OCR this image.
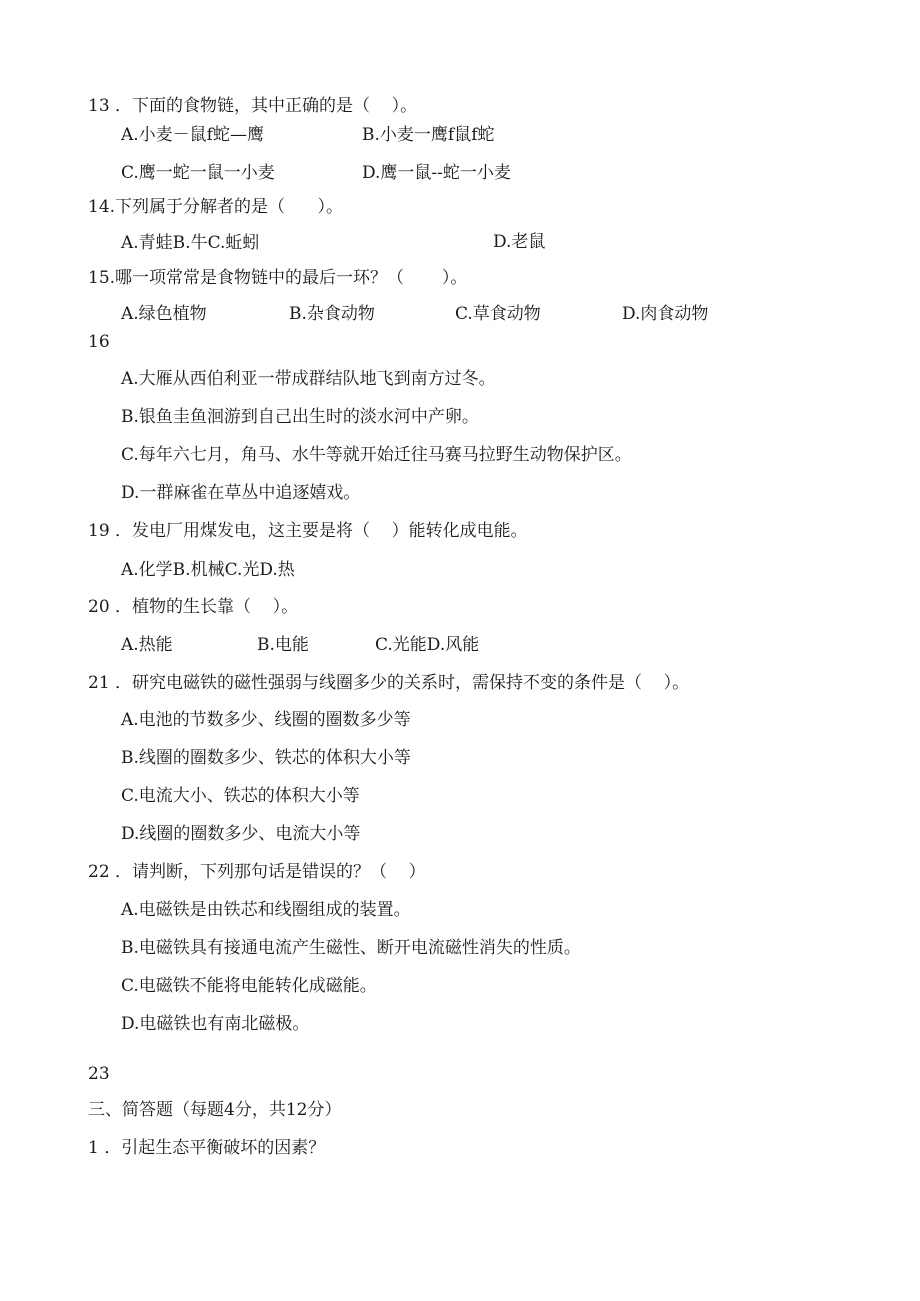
13 ．下面的食物链，其中正确的是（    ）。
A.小麦－鼠f蛇—鹰	B.小麦一鹰f鼠f蛇
C.鹰一蛇一鼠一小麦	D.鹰一鼠--蛇一小麦
14.下列属于分解者的是（      ）。
A.青蛙B.牛C.蚯蚓	D.老鼠
15.哪一项常常是食物链中的最后一环？（       ）。
A.绿色植物	B.杂食动物	C.草食动物	D.肉食动物
16
A.大雁从西伯利亚一带成群结队地飞到南方过冬。
B.银鱼圭鱼洄游到自己出生时的淡水河中产卵。
C.每年六七月，角马、水牛等就开始迁往马赛马拉野生动物保护区。
D.一群麻雀在草丛中追逐嬉戏。
19 ．发电厂用煤发电，这主要是将（    ）能转化成电能。
A.化学B.机械C.光D.热
20 ．植物的生长靠（    ）。
A.热能	B.电能	C.光能D.风能
21 ．研究电磁铁的磁性强弱与线圈多少的关系时，需保持不变的条件是（    ）。
A.电池的节数多少、线圈的圈数多少等
B.线圈的圈数多少、铁芯的体积大小等
C.电流大小、铁芯的体积大小等
D.线圈的圈数多少、电流大小等
22 ．请判断，下列那句话是错误的？（    ）
A.电磁铁是由铁芯和线圈组成的装置。
B.电磁铁具有接通电流产生磁性、断开电流磁性消失的性质。
C.电磁铁不能将电能转化成磁能。
D.电磁铁也有南北磁极。
23
三、简答题（每题4分，共12分）
1 ．引起生态平衡破坏的因素？
